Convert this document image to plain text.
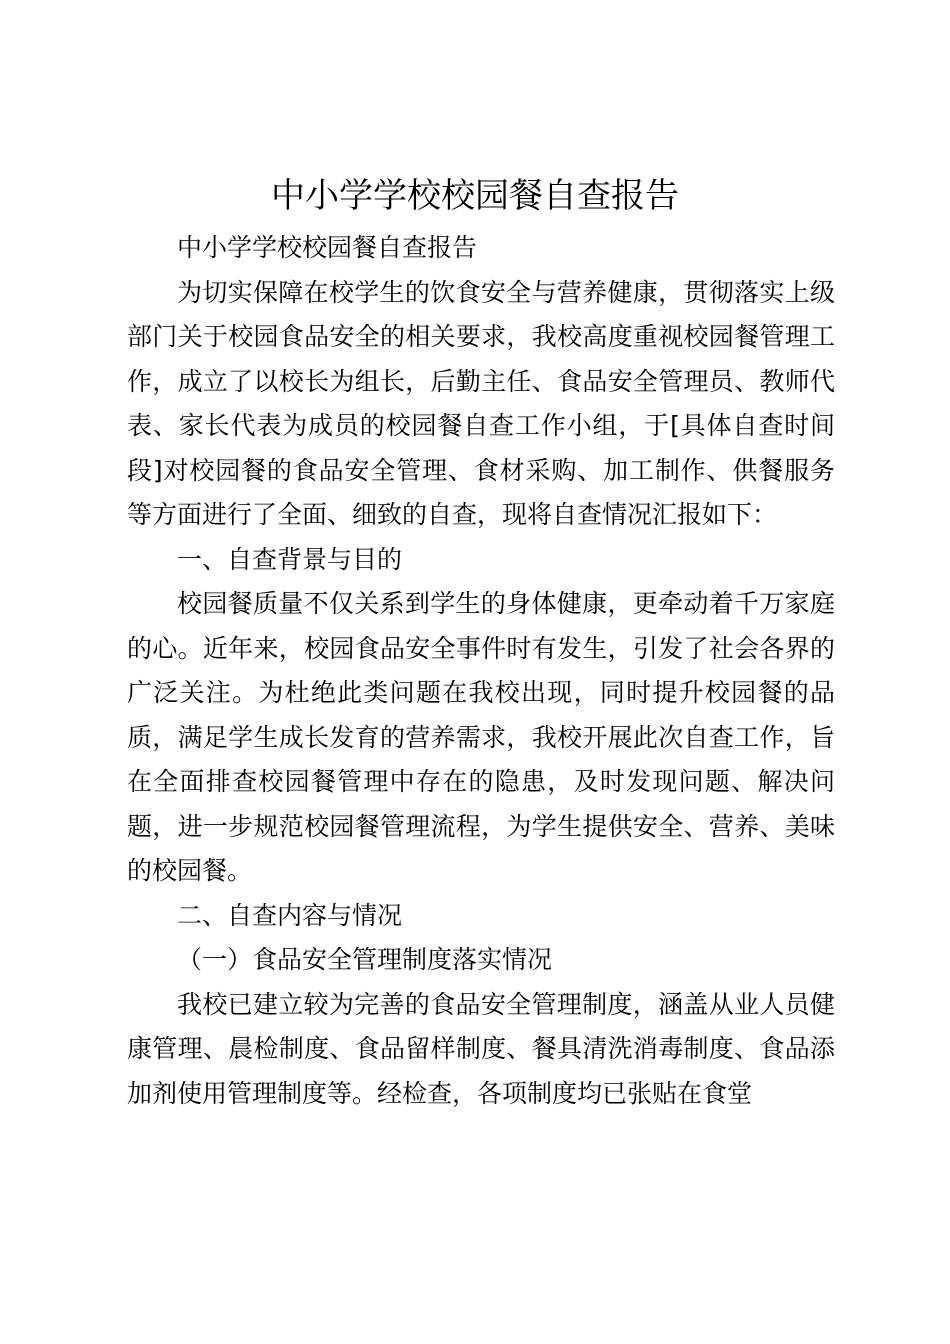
中小学学校校园餐自查报告

中小学学校校园餐自查报告

为切实保障在校学生的饮食安全与营养健康，贯彻落实上级部门关于校园食品安全的相关要求，我校高度重视校园餐管理工作，成立了以校长为组长，后勤主任、食品安全管理员、教师代表、家长代表为成员的校园餐自查工作小组，于[具体自查时间段]对校园餐的食品安全管理、食材采购、加工制作、供餐服务等方面进行了全面、细致的自查，现将自查情况汇报如下：

一、自查背景与目的

校园餐质量不仅关系到学生的身体健康，更牵动着千万家庭的心。近年来，校园食品安全事件时有发生，引发了社会各界的广泛关注。为杜绝此类问题在我校出现，同时提升校园餐的品质，满足学生成长发育的营养需求，我校开展此次自查工作，旨在全面排查校园餐管理中存在的隐患，及时发现问题、解决问题，进一步规范校园餐管理流程，为学生提供安全、营养、美味的校园餐。

二、自查内容与情况

（一）食品安全管理制度落实情况

我校已建立较为完善的食品安全管理制度，涵盖从业人员健康管理、晨检制度、食品留样制度、餐具清洗消毒制度、食品添加剂使用管理制度等。经检查，各项制度均已张贴在食堂
